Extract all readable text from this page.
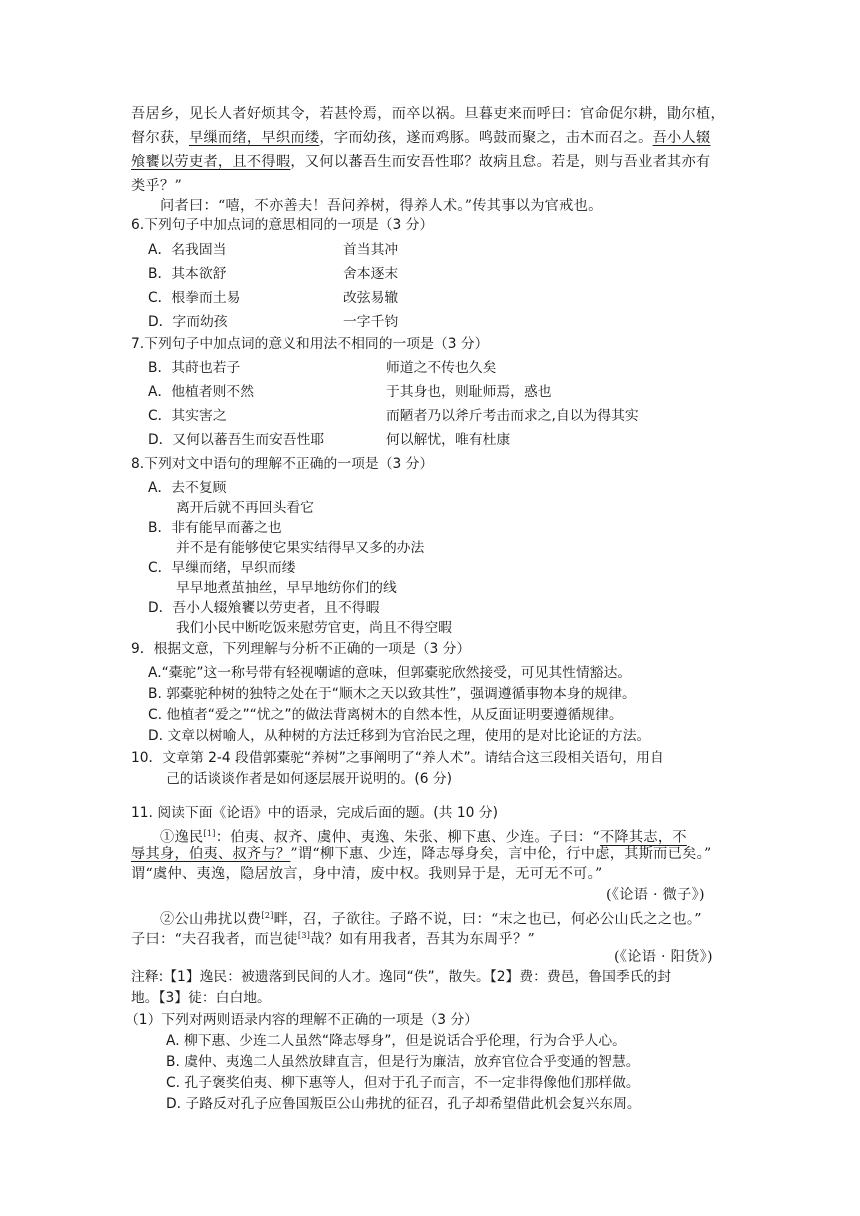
吾居乡，见长人者好烦其令，若甚怜焉，而卒以祸。旦暮吏来而呼曰：官命促尔耕，勖尔植，
督尔获，早缫而绪，早织而缕，字而幼孩，遂而鸡豚。鸣鼓而聚之，击木而召之。吾小人辍
飧饔以劳吏者，且不得暇，又何以蕃吾生而安吾性耶？故病且怠。若是，则与吾业者其亦有
类乎？”
问者曰：“嘻，不亦善夫！吾问养树，得养人术。”传其事以为官戒也。
6.下列句子中加点词的意思相同的一项是（3 分）
A．名我固当	首当其冲
B．其本欲舒	舍本逐末
C．根拳而土易	改弦易辙
D．字而幼孩	一字千钧
7.下列句子中加点词的意义和用法不相同的一项是（3 分）
B．其莳也若子	师道之不传也久矣
A．他植者则不然	于其身也，则耻师焉，惑也
C．其实害之	而陋者乃以斧斤考击而求之,自以为得其实
D．又何以蕃吾生而安吾性耶	何以解忧，唯有杜康
8.下列对文中语句的理解不正确的一项是（3 分）
A．去不复顾
离开后就不再回头看它
B．非有能早而蕃之也
并不是有能够使它果实结得早又多的办法
C．早缫而绪，早织而缕
早早地煮茧抽丝，早早地纺你们的线
D．吾小人辍飧饔以劳吏者，且不得暇
我们小民中断吃饭来慰劳官吏，尚且不得空暇
9．根据文意，下列理解与分析不正确的一项是（3 分）
A.“橐驼”这一称号带有轻视嘲谑的意味，但郭橐驼欣然接受，可见其性情豁达。
B. 郭橐驼种树的独特之处在于“顺木之天以致其性”，强调遵循事物本身的规律。
C. 他植者“爱之”“忧之”的做法背离树木的自然本性，从反面证明要遵循规律。
D. 文章以树喻人，从种树的方法迁移到为官治民之理，使用的是对比论证的方法。
10．文章第 2-4 段借郭橐驼“养树”之事阐明了“养人术”。请结合这三段相关语句，用自
己的话谈谈作者是如何逐层展开说明的。(6 分)
11. 阅读下面《论语》中的语录，完成后面的题。(共 10 分)
①逸民[1]：伯夷、叔齐、虞仲、夷逸、朱张、柳下惠、少连。子曰：“不降其志，不
辱其身，伯夷、叔齐与？”谓“柳下惠、少连，降志辱身矣，言中伦，行中虑，其斯而已矣。”
谓“虞仲、夷逸，隐居放言，身中清，废中权。我则异于是，无可无不可。”
(《论语 · 微子》)
②公山弗扰以费[2]畔，召，子欲往。子路不说，曰：“末之也已，何必公山氏之之也。”
子曰：“夫召我者，而岂徒[3]哉？如有用我者，吾其为东周乎？”
(《论语 · 阳货》)
注释:【1】逸民：被遗落到民间的人才。逸同“佚”，散失。【2】费：费邑，鲁国季氏的封
地。【3】徒：白白地。
（1）下列对两则语录内容的理解不正确的一项是（3 分）
A. 柳下惠、少连二人虽然“降志辱身”，但是说话合乎伦理，行为合乎人心。
B. 虞仲、夷逸二人虽然放肆直言，但是行为廉洁，放弃官位合乎变通的智慧。
C. 孔子褒奖伯夷、柳下惠等人，但对于孔子而言，不一定非得像他们那样做。
D. 子路反对孔子应鲁国叛臣公山弗扰的征召，孔子却希望借此机会复兴东周。
